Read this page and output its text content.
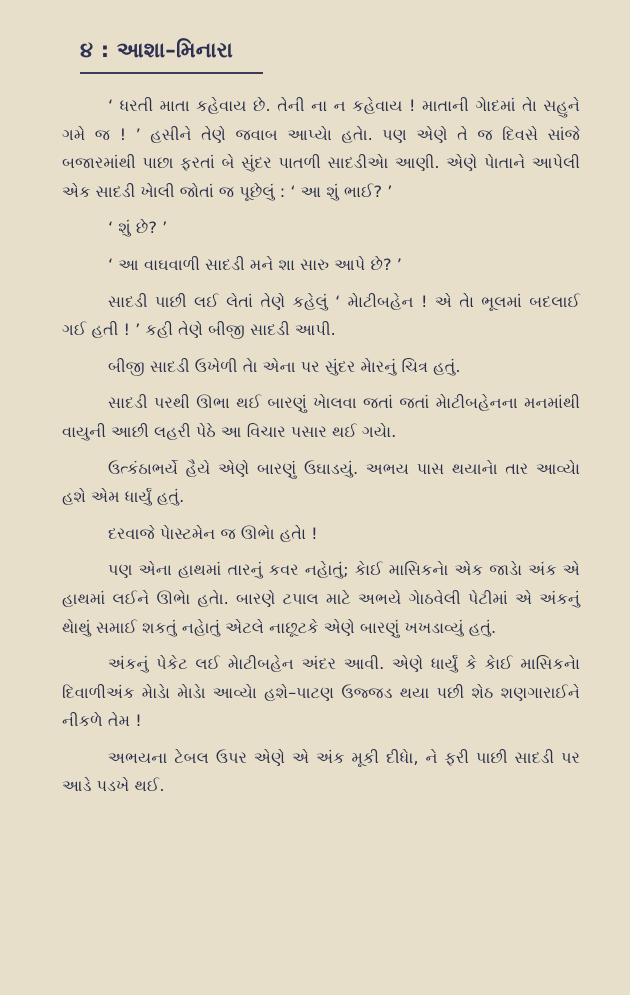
૪ : આશા–મિનારા

‘ ધરતી માતા કહેવાય છે. તેની ના ન કહેવાય ! માતાની ગેાદમાં તેા સહુને ગમે જ ! ’ હસીને તેણે જવાબ આપ્યેા હતેા. પણ એણે તે જ દિવસે સાંજે બજારમાંથી પાછા ફરતાં બે સુંદર પાતળી સાદડીએા આણી. એણે પેાતાને આપેલી એક સાદડી ખેાલી જોતાં જ પૂછેલું : ‘ આ શું ભાઈ? ’

‘ શું છે? ’

‘ આ વાઘવાળી સાદડી મને શા સારુ આપે છે? ’

સાદડી પાછી લઈ લેતાં તેણે કહેલું ‘ મેાટીબહેન ! એ તેા ભૂલમાં બદલાઈ ગઈ હતી ! ’ કહી તેણે બીજી સાદડી આપી.

બીજી સાદડી ઉખેળી તેા એના પર સુંદર મેારનું ચિત્ર હતું.

સાદડી પરથી ઊભા થઈ બારણું ખેાલવા જતાં જતાં મેાટીબહેનના મનમાંથી વાયુની આછી લહરી પેઠે આ વિચાર પસાર થઈ ગયેા.

ઉત્કંઠાભર્યે હૈયે એણે બારણું ઉઘાડયું. અભય પાસ થયાનેા તાર આવ્યેા હશે એમ ધાર્યું હતું.

દરવાજે પેાસ્ટમેન જ ઊભેા હતેા !

પણ એના હાથમાં તારનું કવર નહેાતું; કેાઈ માસિકનેા એક જાડેા અંક એ હાથમાં લઈને ઊભેા હતેા. બારણે ટપાલ માટે અભયે ગેાઠવેલી પેટીમાં એ અંકનું થેાથું સમાઈ શકતું નહેાતું એટલે નાછૂટકે એણે બારણું ખખડાવ્યું હતું.

અંકનું પેકેટ લઈ મેાટીબહેન અંદર આવી. એણે ધાર્યું કે કેાઈ માસિકનેા દિવાળીઅંક મેાડેા મેાડેા આવ્યેા હશે–પાટણ ઉજ્જડ થયા પછી શેઠ શણગારાઈને નીકળે તેમ !

અભયના ટેબલ ઉપર એણે એ અંક મૂકી દીધેા, ને ફરી પાછી સાદડી પર આડે પડખે થઈ.
